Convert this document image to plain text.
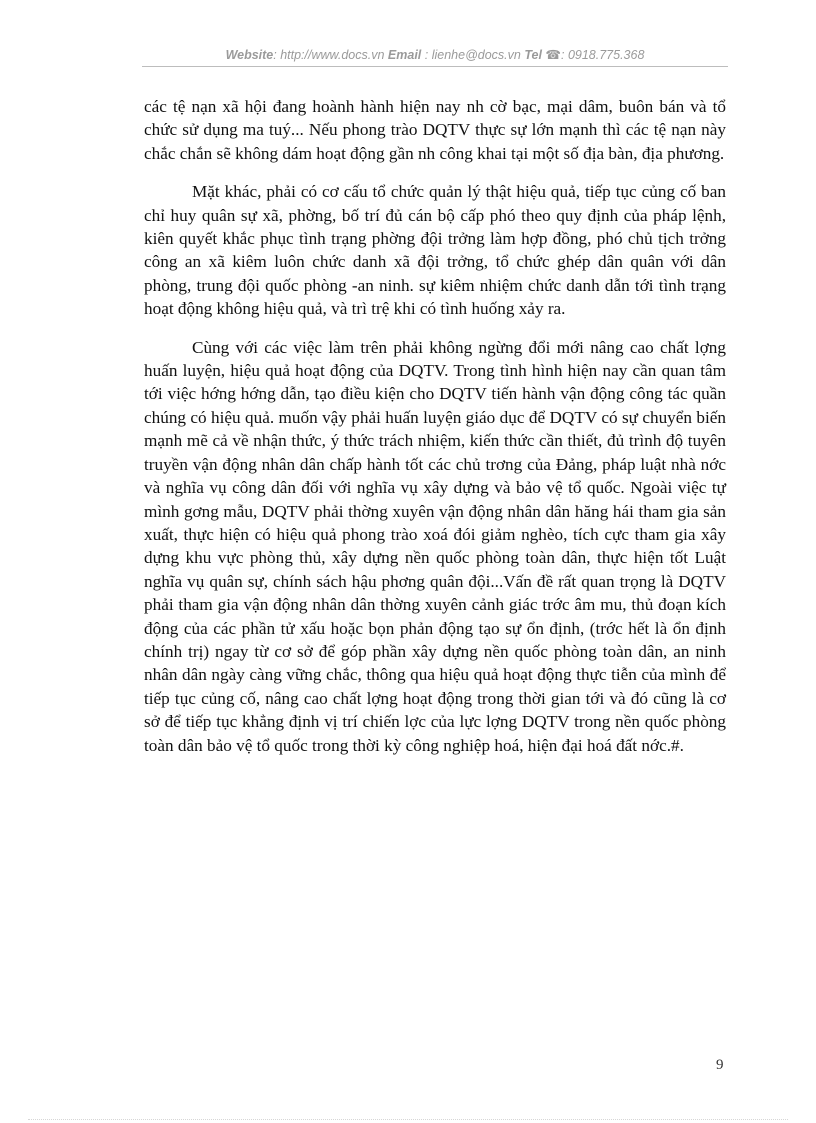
Website: http://www.docs.vn Email : lienhe@docs.vn Tel ☎: 0918.775.368

các tệ nạn xã hội đang hoành hành hiện nay nh cờ bạc, mại dâm, buôn bán và tổ chức sử dụng ma tuý... Nếu phong trào DQTV thực sự lớn mạnh thì các tệ nạn này chắc chắn sẽ không dám hoạt động gần nh công khai tại một số địa bàn, địa phương.

Mặt khác, phải có cơ cấu tổ chức quản lý thật hiệu quả, tiếp tục củng cố ban chỉ huy quân sự xã, phờng, bố trí đủ cán bộ cấp phó theo quy định của pháp lệnh, kiên quyết khắc phục tình trạng phờng đội trởng làm hợp đồng, phó chủ tịch trởng công an xã kiêm luôn chức danh xã đội trởng, tổ chức ghép dân quân với dân phòng, trung đội quốc phòng -an ninh. sự kiêm nhiệm chức danh dẫn tới tình trạng hoạt động không hiệu quả, và trì trệ khi có tình huống xảy ra.

Cùng với các việc làm trên phải không ngừng đổi mới nâng cao chất lợng huấn luyện, hiệu quả hoạt động của DQTV. Trong tình hình hiện nay cần quan tâm tới việc hớng hớng dẫn, tạo điều kiện cho DQTV tiến hành vận động công tác quần chúng có hiệu quả. muốn vậy phải huấn luyện giáo dục để DQTV có sự chuyển biến mạnh mẽ cả về nhận thức, ý thức trách nhiệm, kiến thức cần thiết, đủ trình độ tuyên truyền vận động nhân dân chấp hành tốt các chủ trơng của Đảng, pháp luật nhà nớc và nghĩa vụ công dân đối với nghĩa vụ xây dựng và bảo vệ tổ quốc. Ngoài việc tự mình gơng mẫu, DQTV phải thờng xuyên vận động nhân dân hăng hái tham gia sản xuất, thực hiện có hiệu quả phong trào xoá đói giảm nghèo, tích cực tham gia xây dựng khu vực phòng thủ, xây dựng nền quốc phòng toàn dân, thực hiện tốt Luật nghĩa vụ quân sự, chính sách hậu phơng quân đội...Vấn đề rất quan trọng là DQTV phải tham gia vận động nhân dân thờng xuyên cảnh giác trớc âm mu, thủ đoạn kích động của các phần tử xấu hoặc bọn phản động tạo sự ổn định, (trớc hết là ổn định chính trị) ngay từ cơ sở để góp phần xây dựng nền quốc phòng toàn dân, an ninh nhân dân ngày càng vững chắc, thông qua hiệu quả hoạt động thực tiễn của mình để tiếp tục củng cố, nâng cao chất lợng hoạt động trong thời gian tới và đó cũng là cơ sở để tiếp tục khẳng định vị trí chiến lợc của lực lợng DQTV trong nền quốc phòng toàn dân bảo vệ tổ quốc trong thời kỳ công nghiệp hoá, hiện đại hoá đất nớc.#.

9
